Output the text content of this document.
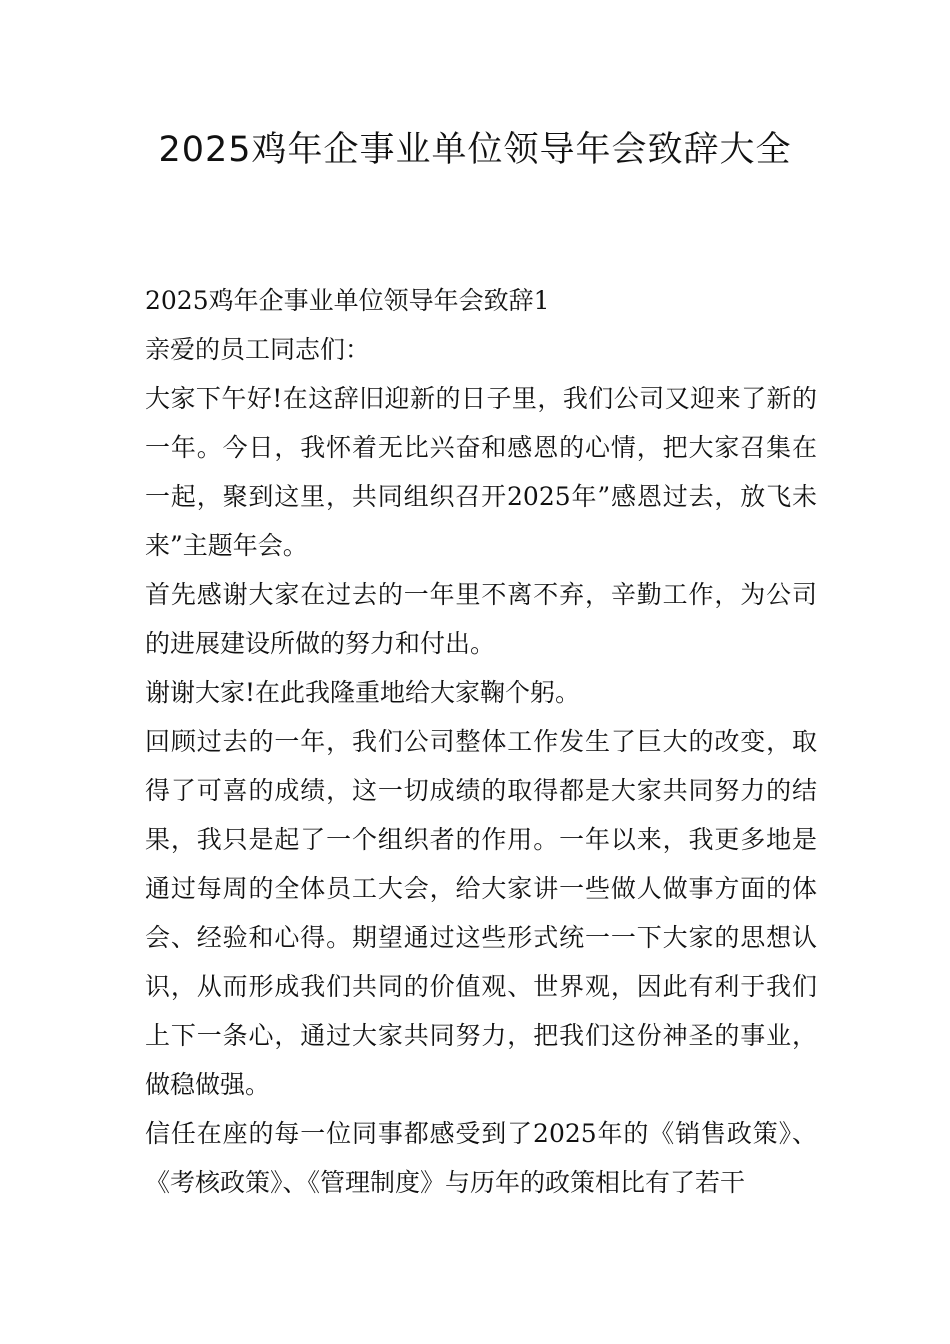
2025鸡年企事业单位领导年会致辞大全

2025鸡年企事业单位领导年会致辞1

亲爱的员工同志们：

大家下午好!在这辞旧迎新的日子里，我们公司又迎来了新的一年。今日，我怀着无比兴奋和感恩的心情，把大家召集在一起，聚到这里，共同组织召开2025年”感恩过去，放飞未来”主题年会。

首先感谢大家在过去的一年里不离不弃，辛勤工作，为公司的进展建设所做的努力和付出。

谢谢大家!在此我隆重地给大家鞠个躬。

回顾过去的一年，我们公司整体工作发生了巨大的改变，取得了可喜的成绩，这一切成绩的取得都是大家共同努力的结果，我只是起了一个组织者的作用。一年以来，我更多地是通过每周的全体员工大会，给大家讲一些做人做事方面的体会、经验和心得。期望通过这些形式统一一下大家的思想认识，从而形成我们共同的价值观、世界观，因此有利于我们上下一条心，通过大家共同努力，把我们这份神圣的事业，做稳做强。

信任在座的每一位同事都感受到了2025年的《销售政策》、《考核政策》、《管理制度》与历年的政策相比有了若干
